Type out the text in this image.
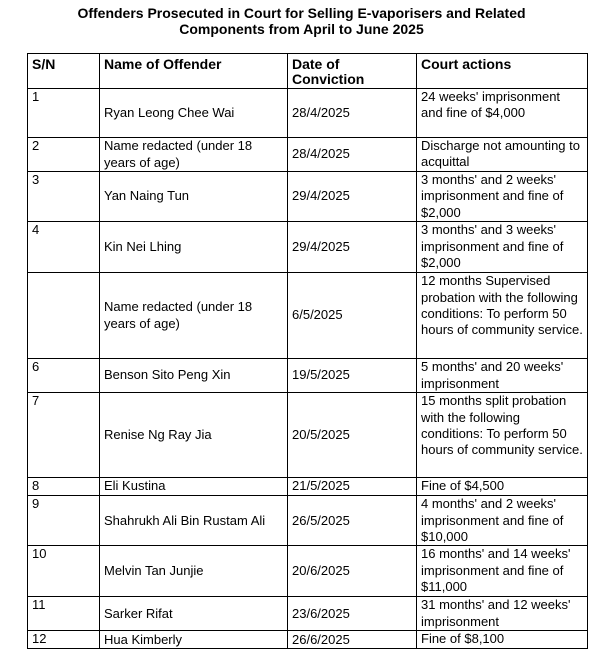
Offenders Prosecuted in Court for Selling E-vaporisers and Related
Components from April to June 2025
S/N	Name of Offender	Date of Conviction	Court actions
1	Ryan Leong Chee Wai	28/4/2025	24 weeks' imprisonment and fine of $4,000
2	Name redacted (under 18 years of age)	28/4/2025	Discharge not amounting to acquittal
3	Yan Naing Tun	29/4/2025	3 months' and 2 weeks' imprisonment and fine of $2,000
4	Kin Nei Lhing	29/4/2025	3 months' and 3 weeks' imprisonment and fine of $2,000
	Name redacted (under 18 years of age)	6/5/2025	12 months Supervised probation with the following conditions: To perform 50 hours of community service.
6	Benson Sito Peng Xin	19/5/2025	5 months' and 20 weeks' imprisonment
7	Renise Ng Ray Jia	20/5/2025	15 months split probation with the following conditions: To perform 50 hours of community service.
8	Eli Kustina	21/5/2025	Fine of $4,500
9	Shahrukh Ali Bin Rustam Ali	26/5/2025	4 months' and 2 weeks' imprisonment and fine of $10,000
10	Melvin Tan Junjie	20/6/2025	16 months' and 14 weeks' imprisonment and fine of $11,000
11	Sarker Rifat	23/6/2025	31 months' and 12 weeks' imprisonment
12	Hua Kimberly	26/6/2025	Fine of $8,100
